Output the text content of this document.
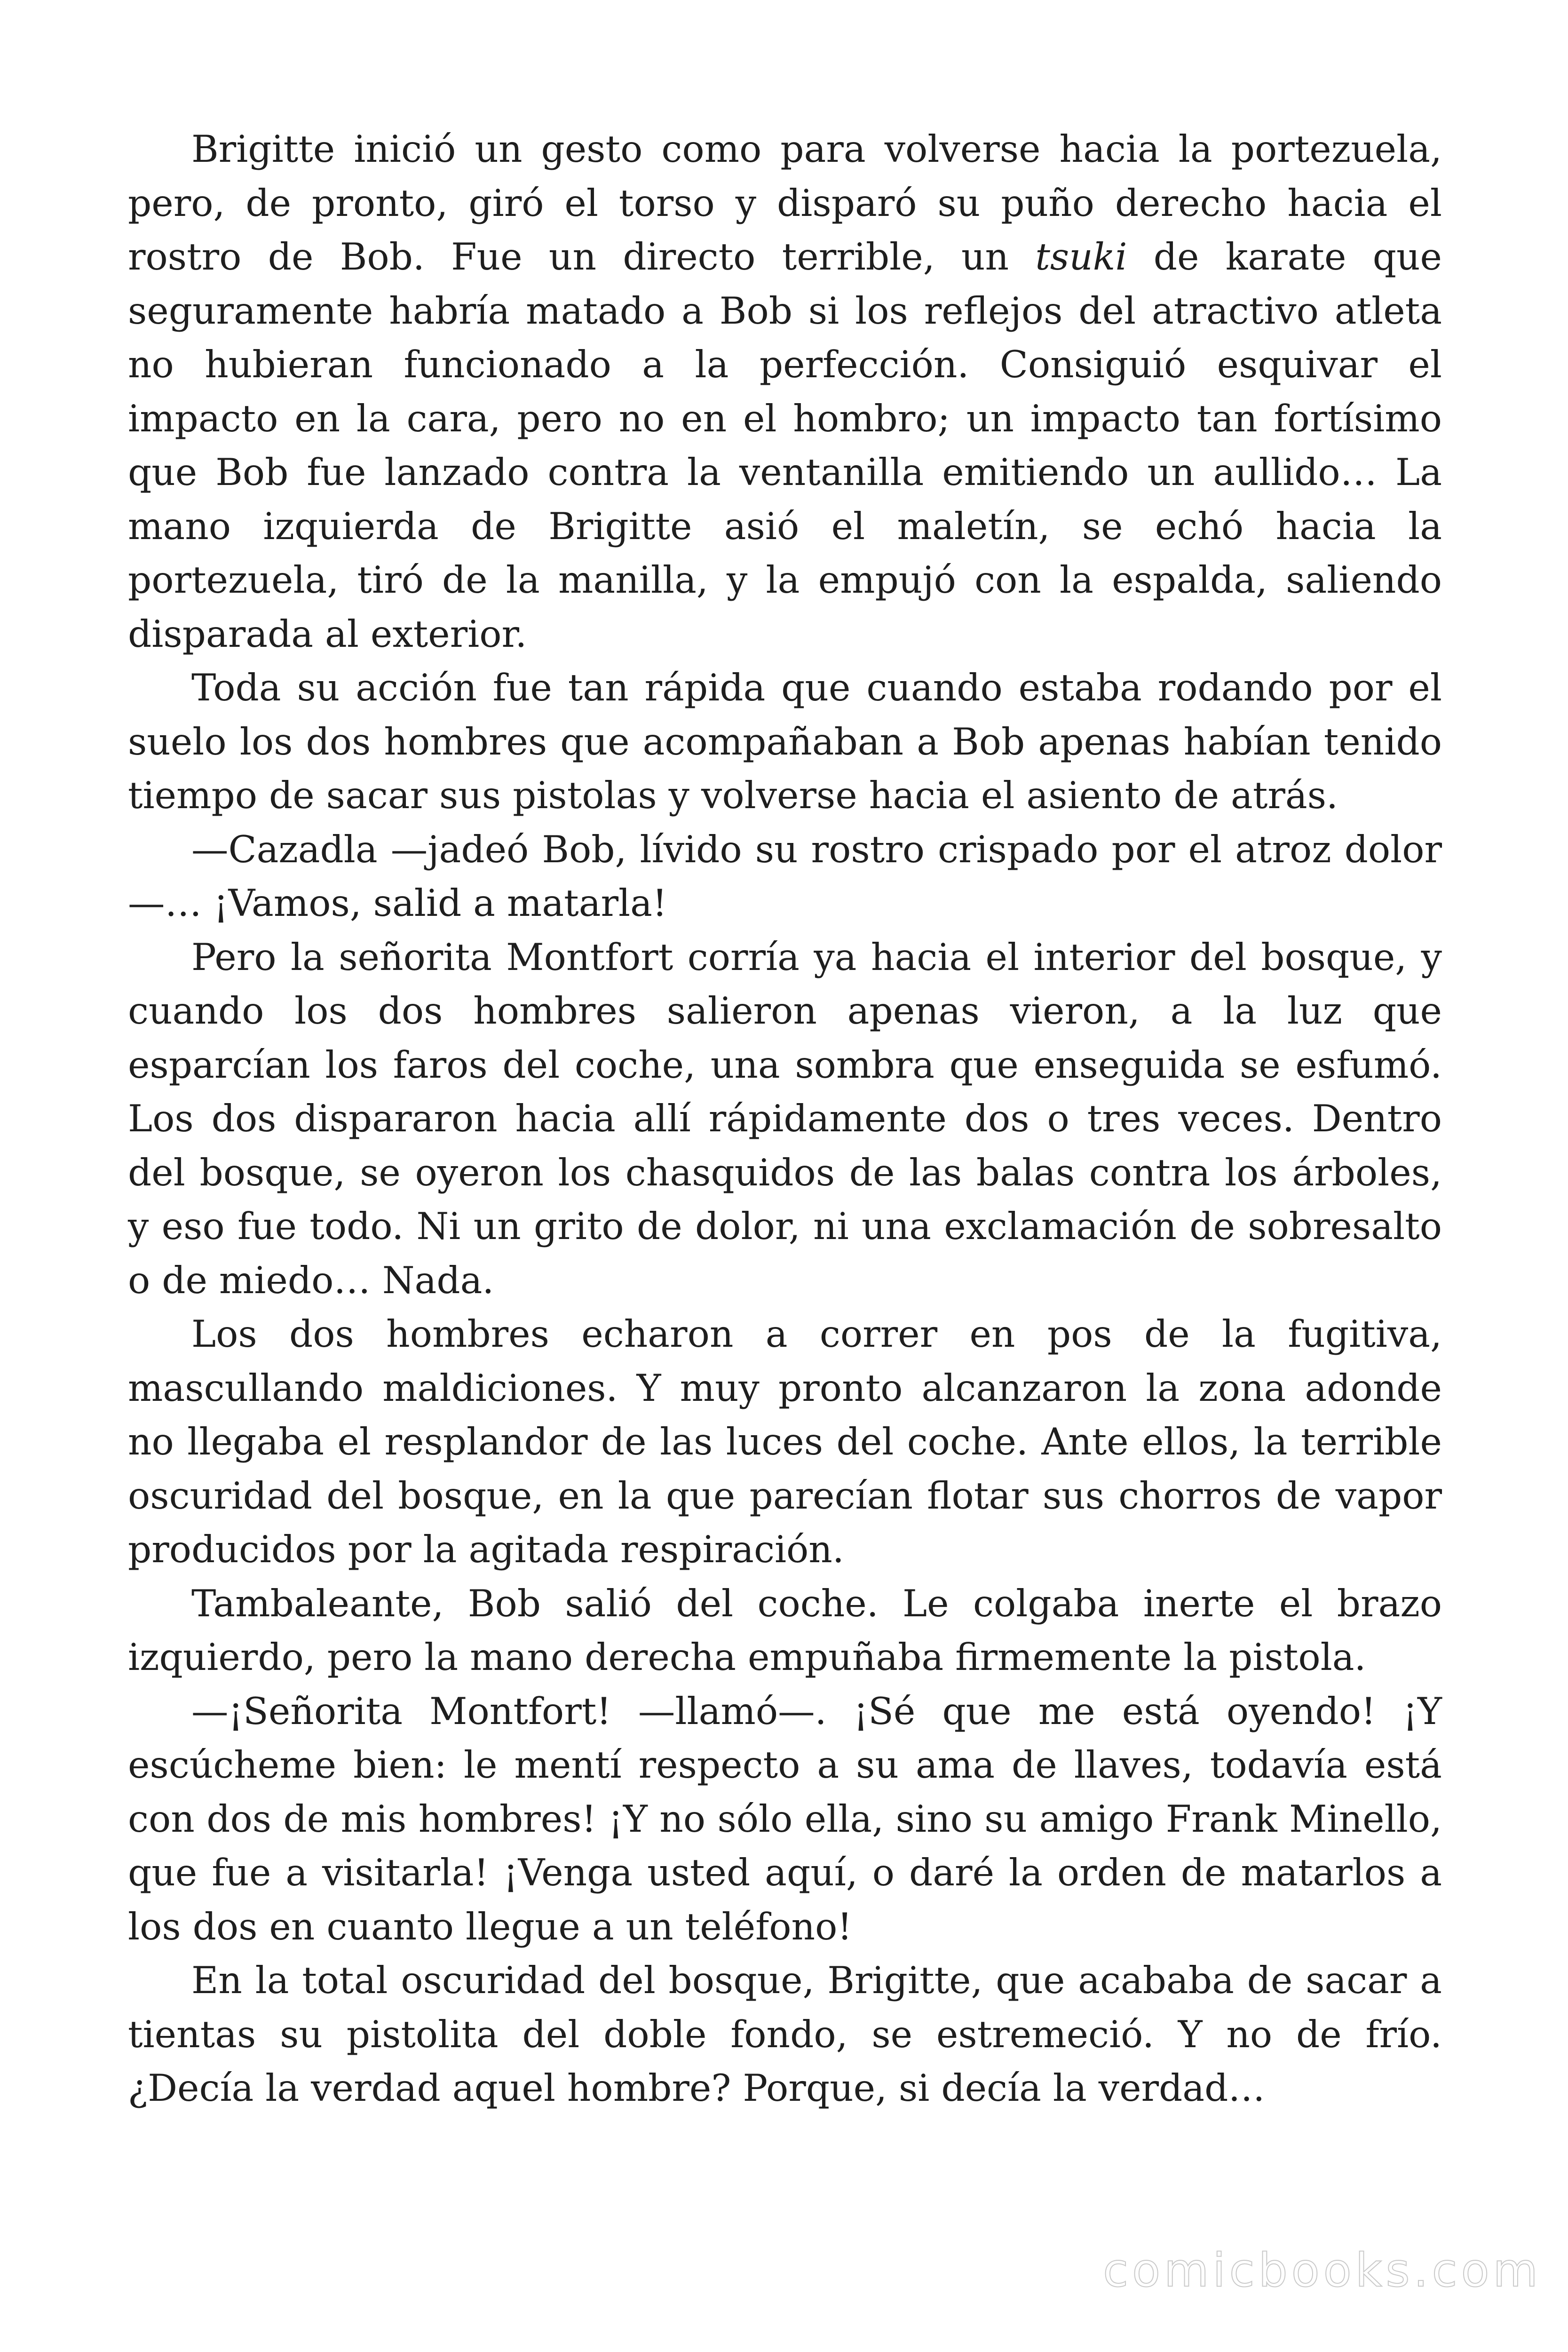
Brigitte inició un gesto como para volverse hacia la portezuela, pero, de pronto, giró el torso y disparó su puño derecho hacia el rostro de Bob. Fue un directo terrible, un tsuki de karate que seguramente habría matado a Bob si los reflejos del atractivo atleta no hubieran funcionado a la perfección. Consiguió esquivar el impacto en la cara, pero no en el hombro; un impacto tan fortísimo que Bob fue lanzado contra la ventanilla emitiendo un aullido… La mano izquierda de Brigitte asió el maletín, se echó hacia la portezuela, tiró de la manilla, y la empujó con la espalda, saliendo disparada al exterior.

Toda su acción fue tan rápida que cuando estaba rodando por el suelo los dos hombres que acompañaban a Bob apenas habían tenido tiempo de sacar sus pistolas y volverse hacia el asiento de atrás.

—Cazadla —jadeó Bob, lívido su rostro crispado por el atroz dolor—… ¡Vamos, salid a matarla!

Pero la señorita Montfort corría ya hacia el interior del bosque, y cuando los dos hombres salieron apenas vieron, a la luz que esparcían los faros del coche, una sombra que enseguida se esfumó. Los dos dispararon hacia allí rápidamente dos o tres veces. Dentro del bosque, se oyeron los chasquidos de las balas contra los árboles, y eso fue todo. Ni un grito de dolor, ni una exclamación de sobresalto o de miedo… Nada.

Los dos hombres echaron a correr en pos de la fugitiva, mascullando maldiciones. Y muy pronto alcanzaron la zona adonde no llegaba el resplandor de las luces del coche. Ante ellos, la terrible oscuridad del bosque, en la que parecían flotar sus chorros de vapor producidos por la agitada respiración.

Tambaleante, Bob salió del coche. Le colgaba inerte el brazo izquierdo, pero la mano derecha empuñaba firmemente la pistola.

—¡Señorita Montfort! —llamó—. ¡Sé que me está oyendo! ¡Y escúcheme bien: le mentí respecto a su ama de llaves, todavía está con dos de mis hombres! ¡Y no sólo ella, sino su amigo Frank Minello, que fue a visitarla! ¡Venga usted aquí, o daré la orden de matarlos a los dos en cuanto llegue a un teléfono!

En la total oscuridad del bosque, Brigitte, que acababa de sacar a tientas su pistolita del doble fondo, se estremeció. Y no de frío. ¿Decía la verdad aquel hombre? Porque, si decía la verdad…

comicbooks.com
